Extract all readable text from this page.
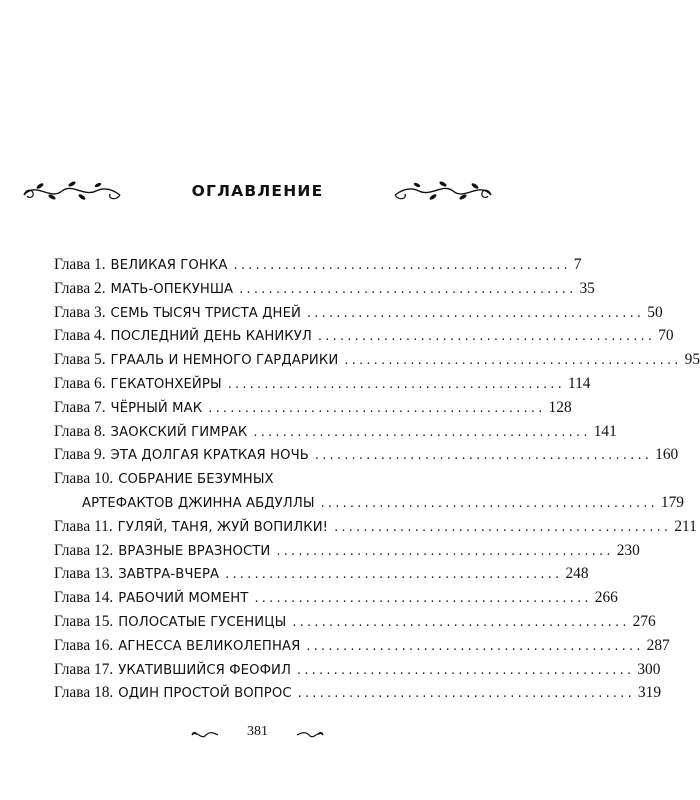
ОГЛАВЛЕНИЕ
Глава 1. ВЕЛИКАЯ ГОНКА .............................................. 7
Глава 2. МАТЬ-ОПЕКУНША .............................................. 35
Глава 3. СЕМЬ ТЫСЯЧ ТРИСТА ДНЕЙ .............................................. 50
Глава 4. ПОСЛЕДНИЙ ДЕНЬ КАНИКУЛ .............................................. 70
Глава 5. ГРААЛЬ И НЕМНОГО ГАРДАРИКИ .............................................. 95
Глава 6. ГЕКАТОНХЕЙРЫ .............................................. 114
Глава 7. ЧЁРНЫЙ МАК .............................................. 128
Глава 8. ЗАОКСКИЙ ГИМРАК .............................................. 141
Глава 9. ЭТА ДОЛГАЯ КРАТКАЯ НОЧЬ .............................................. 160
Глава 10. СОБРАНИЕ БЕЗУМНЫХ
АРТЕФАКТОВ ДЖИННА АБДУЛЛЫ .............................................. 179
Глава 11. ГУЛЯЙ, ТАНЯ, ЖУЙ ВОПИЛКИ! .............................................. 211
Глава 12. ВРАЗНЫЕ ВРАЗНОСТИ .............................................. 230
Глава 13. ЗАВТРА-ВЧЕРА .............................................. 248
Глава 14. РАБОЧИЙ МОМЕНТ .............................................. 266
Глава 15. ПОЛОСАТЫЕ ГУСЕНИЦЫ .............................................. 276
Глава 16. АГНЕССА ВЕЛИКОЛЕПНАЯ .............................................. 287
Глава 17. УКАТИВШИЙСЯ ФЕОФИЛ .............................................. 300
Глава 18. ОДИН ПРОСТОЙ ВОПРОС .............................................. 319
381
